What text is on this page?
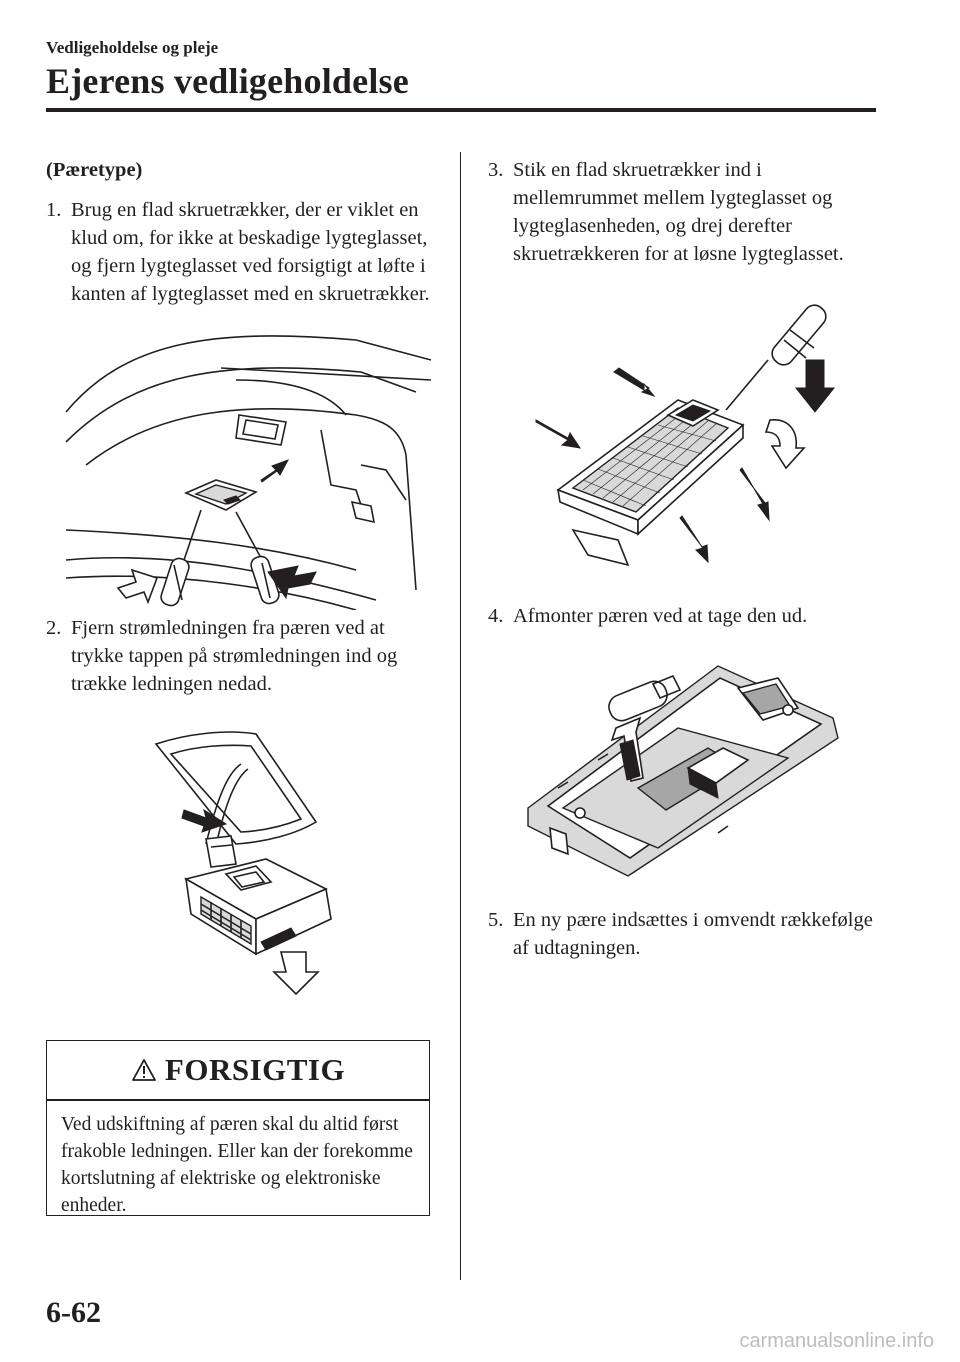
Vedligeholdelse og pleje
Ejerens vedligeholdelse
(Pæretype)
1. Brug en flad skruetrækker, der er viklet en klud om, for ikke at beskadige lygteglasset, og fjern lygteglasset ved forsigtigt at løfte i kanten af lygteglasset med en skruetrækker.
2. Fjern strømledningen fra pæren ved at trykke tappen på strømledningen ind og trække ledningen nedad.
FORSIGTIG
Ved udskiftning af pæren skal du altid først frakoble ledningen. Eller kan der forekomme kortslutning af elektriske og elektroniske enheder.
3. Stik en flad skruetrækker ind i mellemrummet mellem lygteglasset og lygteglasenheden, og drej derefter skruetrækkeren for at løsne lygteglasset.
4. Afmonter pæren ved at tage den ud.
5. En ny pære indsættes i omvendt rækkefølge af udtagningen.
6-62
carmanualsonline.info
